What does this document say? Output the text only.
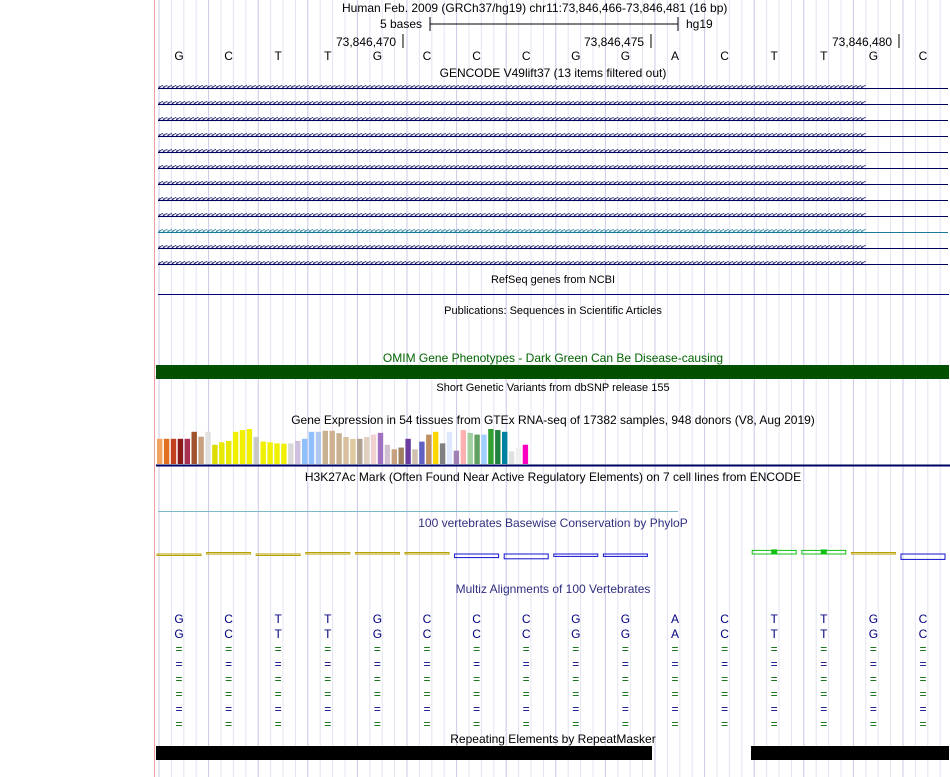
Human Feb. 2009 (GRCh37/hg19) chr11:73,846,466-73,846,481 (16 bp)
5 bases	hg19
73,846,470	73,846,475	73,846,480
G	C	T	T	G	C	C	C	G	G	A	C	T	T	G	C
GENCODE V49lift37 (13 items filtered out)
<<<<<<<<<<<<<<<<<<<<<<<<<<<<<<<<<<<<<<<<<<<<<<<<<<<<<<<<<<<<<<<<<<<<<<<<<<<<<<<<<<<<<<<<<<<<<<<<<<<<<<<<<<<<<<<<<<<<<<<<<<<<<<<<<<<<<<<<<<<<<<<<<<<<<<<<<<<<<<<<
<<<<<<<<<<<<<<<<<<<<<<<<<<<<<<<<<<<<<<<<<<<<<<<<<<<<<<<<<<<<<<<<<<<<<<<<<<<<<<<<<<<<<<<<<<<<<<<<<<<<<<<<<<<<<<<<<<<<<<<<<<<<<<<<<<<<<<<<<<<<<<<<<<<<<<<<<<<<<<<<
<<<<<<<<<<<<<<<<<<<<<<<<<<<<<<<<<<<<<<<<<<<<<<<<<<<<<<<<<<<<<<<<<<<<<<<<<<<<<<<<<<<<<<<<<<<<<<<<<<<<<<<<<<<<<<<<<<<<<<<<<<<<<<<<<<<<<<<<<<<<<<<<<<<<<<<<<<<<<<<<
<<<<<<<<<<<<<<<<<<<<<<<<<<<<<<<<<<<<<<<<<<<<<<<<<<<<<<<<<<<<<<<<<<<<<<<<<<<<<<<<<<<<<<<<<<<<<<<<<<<<<<<<<<<<<<<<<<<<<<<<<<<<<<<<<<<<<<<<<<<<<<<<<<<<<<<<<<<<<<<<
<<<<<<<<<<<<<<<<<<<<<<<<<<<<<<<<<<<<<<<<<<<<<<<<<<<<<<<<<<<<<<<<<<<<<<<<<<<<<<<<<<<<<<<<<<<<<<<<<<<<<<<<<<<<<<<<<<<<<<<<<<<<<<<<<<<<<<<<<<<<<<<<<<<<<<<<<<<<<<<<
<<<<<<<<<<<<<<<<<<<<<<<<<<<<<<<<<<<<<<<<<<<<<<<<<<<<<<<<<<<<<<<<<<<<<<<<<<<<<<<<<<<<<<<<<<<<<<<<<<<<<<<<<<<<<<<<<<<<<<<<<<<<<<<<<<<<<<<<<<<<<<<<<<<<<<<<<<<<<<<<
<<<<<<<<<<<<<<<<<<<<<<<<<<<<<<<<<<<<<<<<<<<<<<<<<<<<<<<<<<<<<<<<<<<<<<<<<<<<<<<<<<<<<<<<<<<<<<<<<<<<<<<<<<<<<<<<<<<<<<<<<<<<<<<<<<<<<<<<<<<<<<<<<<<<<<<<<<<<<<<<
<<<<<<<<<<<<<<<<<<<<<<<<<<<<<<<<<<<<<<<<<<<<<<<<<<<<<<<<<<<<<<<<<<<<<<<<<<<<<<<<<<<<<<<<<<<<<<<<<<<<<<<<<<<<<<<<<<<<<<<<<<<<<<<<<<<<<<<<<<<<<<<<<<<<<<<<<<<<<<<<
<<<<<<<<<<<<<<<<<<<<<<<<<<<<<<<<<<<<<<<<<<<<<<<<<<<<<<<<<<<<<<<<<<<<<<<<<<<<<<<<<<<<<<<<<<<<<<<<<<<<<<<<<<<<<<<<<<<<<<<<<<<<<<<<<<<<<<<<<<<<<<<<<<<<<<<<<<<<<<<<
<<<<<<<<<<<<<<<<<<<<<<<<<<<<<<<<<<<<<<<<<<<<<<<<<<<<<<<<<<<<<<<<<<<<<<<<<<<<<<<<<<<<<<<<<<<<<<<<<<<<<<<<<<<<<<<<<<<<<<<<<<<<<<<<<<<<<<<<<<<<<<<<<<<<<<<<<<<<<<<<
<<<<<<<<<<<<<<<<<<<<<<<<<<<<<<<<<<<<<<<<<<<<<<<<<<<<<<<<<<<<<<<<<<<<<<<<<<<<<<<<<<<<<<<<<<<<<<<<<<<<<<<<<<<<<<<<<<<<<<<<<<<<<<<<<<<<<<<<<<<<<<<<<<<<<<<<<<<<<<<<
<<<<<<<<<<<<<<<<<<<<<<<<<<<<<<<<<<<<<<<<<<<<<<<<<<<<<<<<<<<<<<<<<<<<<<<<<<<<<<<<<<<<<<<<<<<<<<<<<<<<<<<<<<<<<<<<<<<<<<<<<<<<<<<<<<<<<<<<<<<<<<<<<<<<<<<<<<<<<<<<
RefSeq genes from NCBI
Publications: Sequences in Scientific Articles
OMIM Gene Phenotypes - Dark Green Can Be Disease-causing
Short Genetic Variants from dbSNP release 155
Gene Expression in 54 tissues from GTEx RNA-seq of 17382 samples, 948 donors (V8, Aug 2019)
H3K27Ac Mark (Often Found Near Active Regulatory Elements) on 7 cell lines from ENCODE
100 vertebrates Basewise Conservation by PhyloP
Multiz Alignments of 100 Vertebrates
G	C	T	T	G	C	C	C	G	G	A	C	T	T	G	C
G	C	T	T	G	C	C	C	G	G	A	C	T	T	G	C
=	=	=	=	=	=	=	=	=	=	=	=	=	=	=	=
=	=	=	=	=	=	=	=	=	=	=	=	=	=	=	=
=	=	=	=	=	=	=	=	=	=	=	=	=	=	=	=
=	=	=	=	=	=	=	=	=	=	=	=	=	=	=	=
=	=	=	=	=	=	=	=	=	=	=	=	=	=	=	=
=	=	=	=	=	=	=	=	=	=	=	=	=	=	=	=
Repeating Elements by RepeatMasker
